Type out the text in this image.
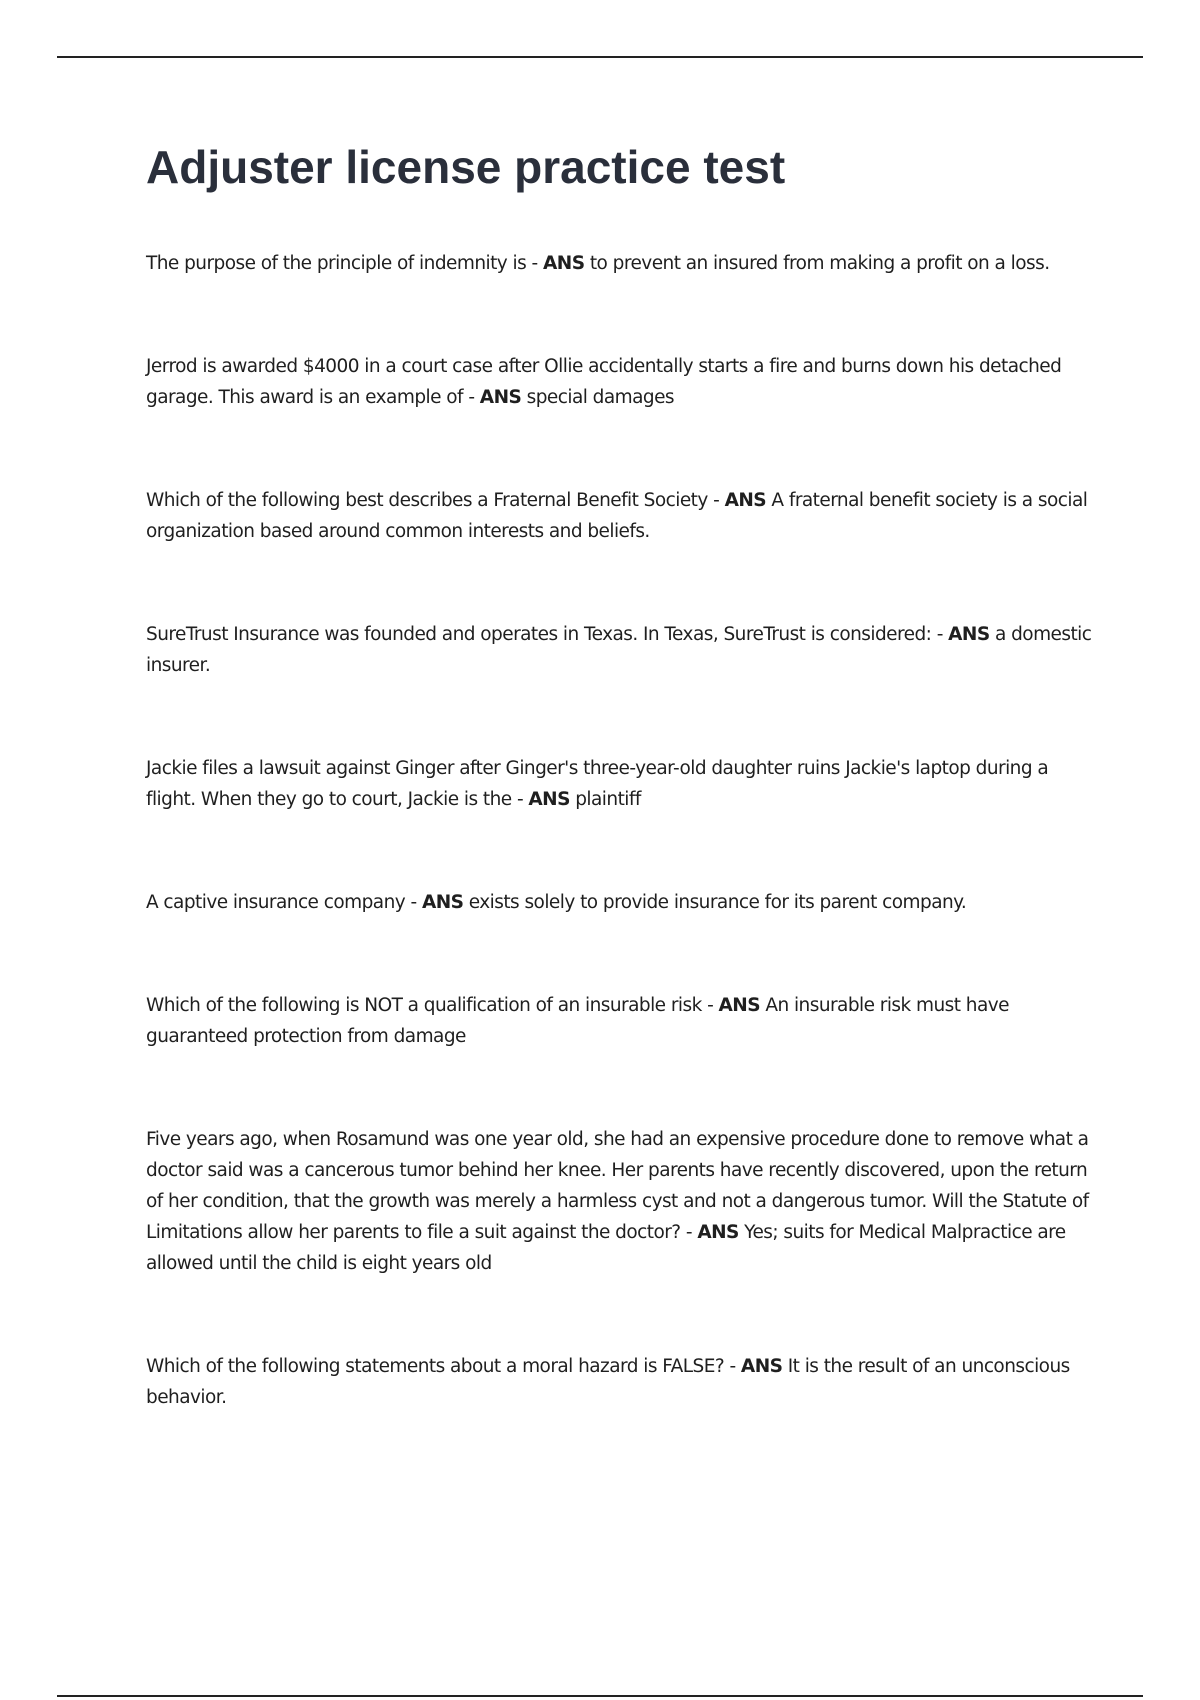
Adjuster license practice test
The purpose of the principle of indemnity is - ANS to prevent an insured from making a profit on a loss.
Jerrod is awarded $4000 in a court case after Ollie accidentally starts a fire and burns down his detached garage. This award is an example of - ANS special damages
Which of the following best describes a Fraternal Benefit Society - ANS A fraternal benefit society is a social organization based around common interests and beliefs.
SureTrust Insurance was founded and operates in Texas. In Texas, SureTrust is considered: - ANS a domestic insurer.
Jackie files a lawsuit against Ginger after Ginger's three-year-old daughter ruins Jackie's laptop during a flight. When they go to court, Jackie is the - ANS plaintiff
A captive insurance company - ANS exists solely to provide insurance for its parent company.
Which of the following is NOT a qualification of an insurable risk - ANS An insurable risk must have guaranteed protection from damage
Five years ago, when Rosamund was one year old, she had an expensive procedure done to remove what a doctor said was a cancerous tumor behind her knee. Her parents have recently discovered, upon the return of her condition, that the growth was merely a harmless cyst and not a dangerous tumor. Will the Statute of Limitations allow her parents to file a suit against the doctor? - ANS Yes; suits for Medical Malpractice are allowed until the child is eight years old
Which of the following statements about a moral hazard is FALSE? - ANS It is the result of an unconscious behavior.
